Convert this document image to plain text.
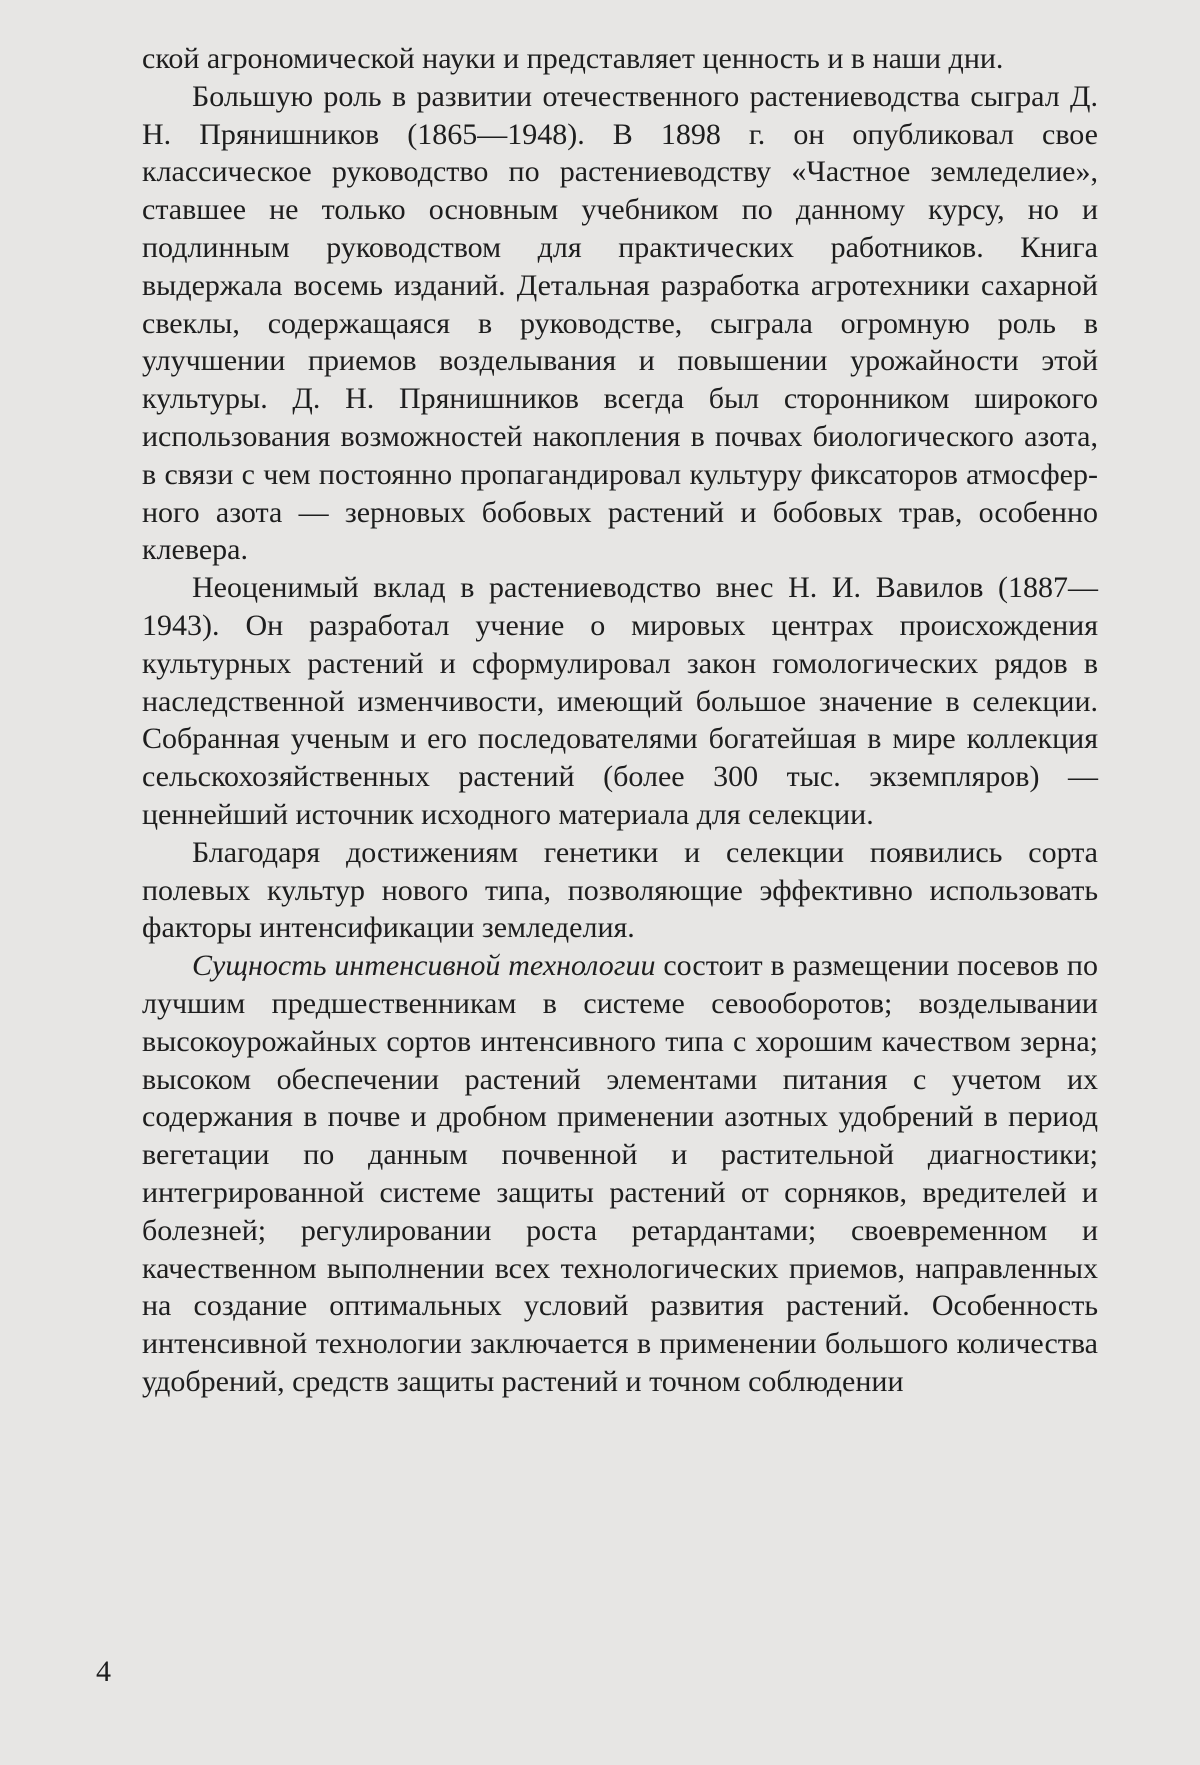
ской агрономической науки и представляет ценность и в наши дни.

Большую роль в развитии отечественного растениеводства сыграл Д. Н. Прянишников (1865—1948). В 1898 г. он опубликовал свое классическое руководство по растениеводству «Частное земледелие», ставшее не только основным учебником по данному курсу, но и подлинным руководством для практических работников. Книга выдержала восемь изданий. Детальная разработка агротехники сахарной свеклы, содержащаяся в руководстве, сыграла огромную роль в улучшении приемов возделывания и повышении урожайности этой культуры. Д. Н. Прянишников всегда был сторонником широкого использования возможностей накопления в почвах биологического азота, в связи с чем постоянно пропагандировал культуру фиксаторов атмосферного азота — зерновых бобовых растений и бобовых трав, особенно клевера.

Неоценимый вклад в растениеводство внес Н. И. Вавилов (1887—1943). Он разработал учение о мировых центрах происхождения культурных растений и сформулировал закон гомологических рядов в наследственной изменчивости, имеющий большое значение в селекции. Собранная ученым и его последователями богатейшая в мире коллекция сельскохозяйственных растений (более 300 тыс. экземпляров) — ценнейший источник исходного материала для селекции.

Благодаря достижениям генетики и селекции появились сорта полевых культур нового типа, позволяющие эффективно использовать факторы интенсификации земледелия.

Сущность интенсивной технологии состоит в размещении посевов по лучшим предшественникам в системе севооборотов; возделывании высокоурожайных сортов интенсивного типа с хорошим качеством зерна; высоком обеспечении растений элементами питания с учетом их содержания в почве и дробном применении азотных удобрений в период вегетации по данным почвенной и растительной диагностики; интегрированной системе защиты растений от сорняков, вредителей и болезней; регулировании роста ретардантами; своевременном и качественном выполнении всех технологических приемов, направленных на создание оптимальных условий развития растений. Особенность интенсивной технологии заключается в применении большого количества удобрений, средств защиты растений и точном соблюдении

4
